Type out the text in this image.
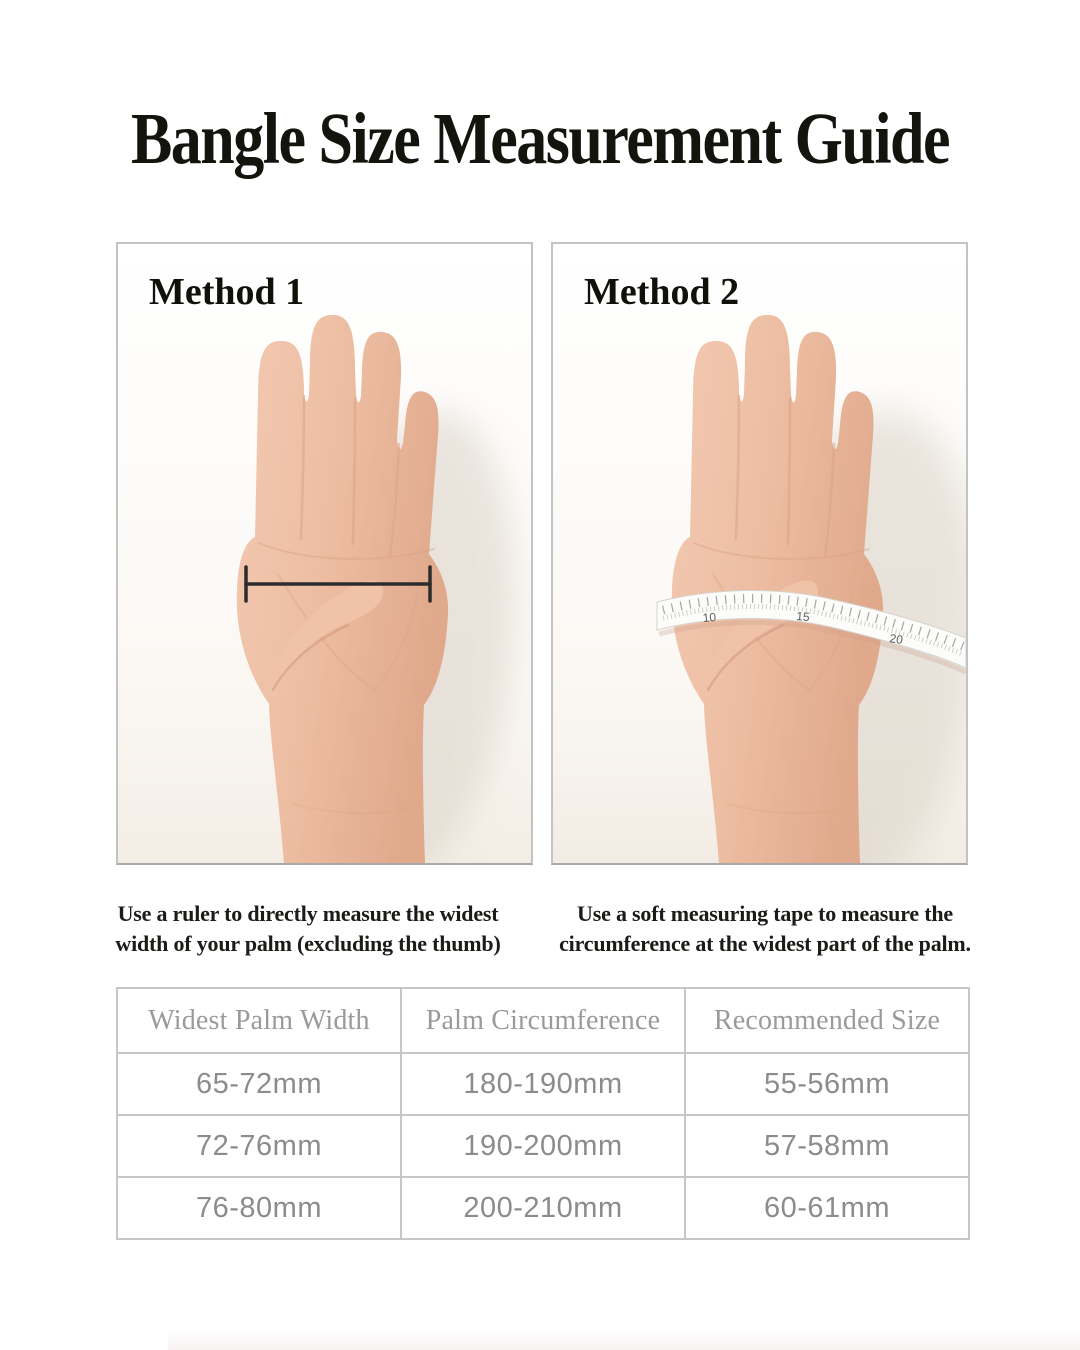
Bangle Size Measurement Guide
Method 1	Method 2
10	15
20
Use a ruler to directly measure the widest
width of your palm (excluding the thumb)
Use a soft measuring tape to measure the
circumference at the widest part of the palm.
Widest Palm Width	Palm Circumference	Recommended Size
65-72mm	180-190mm	55-56mm
72-76mm	190-200mm	57-58mm
76-80mm	200-210mm	60-61mm
